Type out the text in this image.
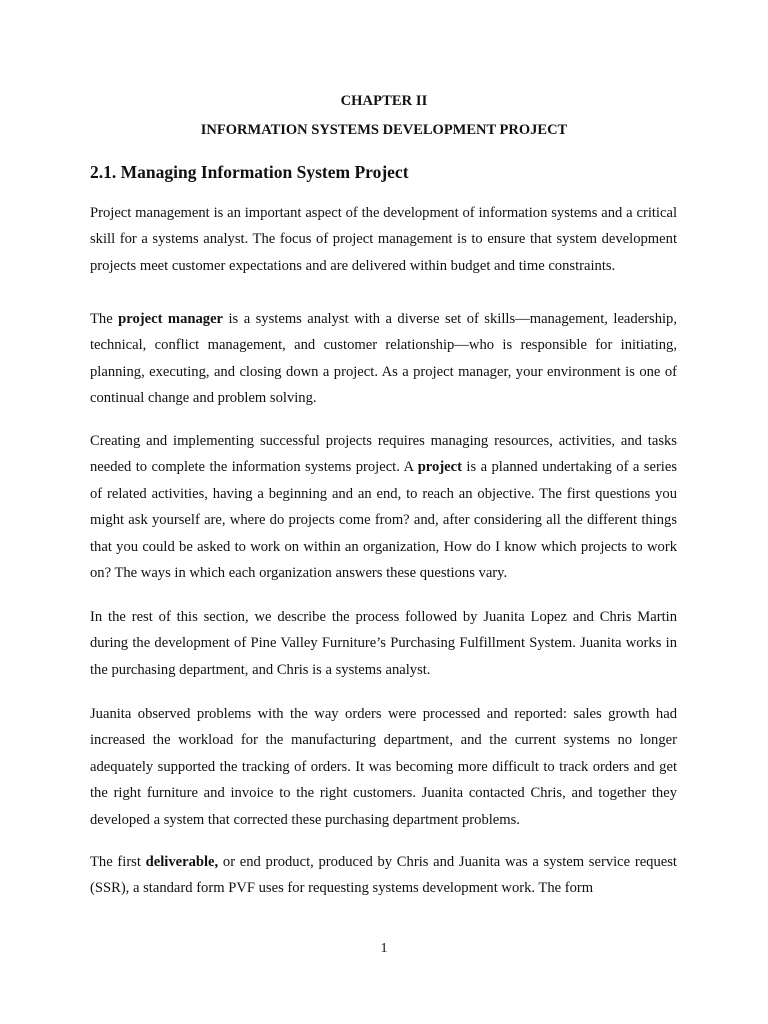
CHAPTER II
INFORMATION SYSTEMS DEVELOPMENT PROJECT
2.1. Managing Information System Project

Project management is an important aspect of the development of information systems and a critical skill for a systems analyst. The focus of project management is to ensure that system development projects meet customer expectations and are delivered within budget and time constraints.

The project manager is a systems analyst with a diverse set of skills—management, leadership, technical, conflict management, and customer relationship—who is responsible for initiating, planning, executing, and closing down a project. As a project manager, your environment is one of continual change and problem solving.

Creating and implementing successful projects requires managing resources, activities, and tasks needed to complete the information systems project. A project is a planned undertaking of a series of related activities, having a beginning and an end, to reach an objective. The first questions you might ask yourself are, where do projects come from? and, after considering all the different things that you could be asked to work on within an organization, How do I know which projects to work on? The ways in which each organization answers these questions vary.

In the rest of this section, we describe the process followed by Juanita Lopez and Chris Martin during the development of Pine Valley Furniture’s Purchasing Fulfillment System. Juanita works in the purchasing department, and Chris is a systems analyst.

Juanita observed problems with the way orders were processed and reported: sales growth had increased the workload for the manufacturing department, and the current systems no longer adequately supported the tracking of orders. It was becoming more difficult to track orders and get the right furniture and invoice to the right customers. Juanita contacted Chris, and together they developed a system that corrected these purchasing department problems.

The first deliverable, or end product, produced by Chris and Juanita was a system service request (SSR), a standard form PVF uses for requesting systems development work. The form

1
